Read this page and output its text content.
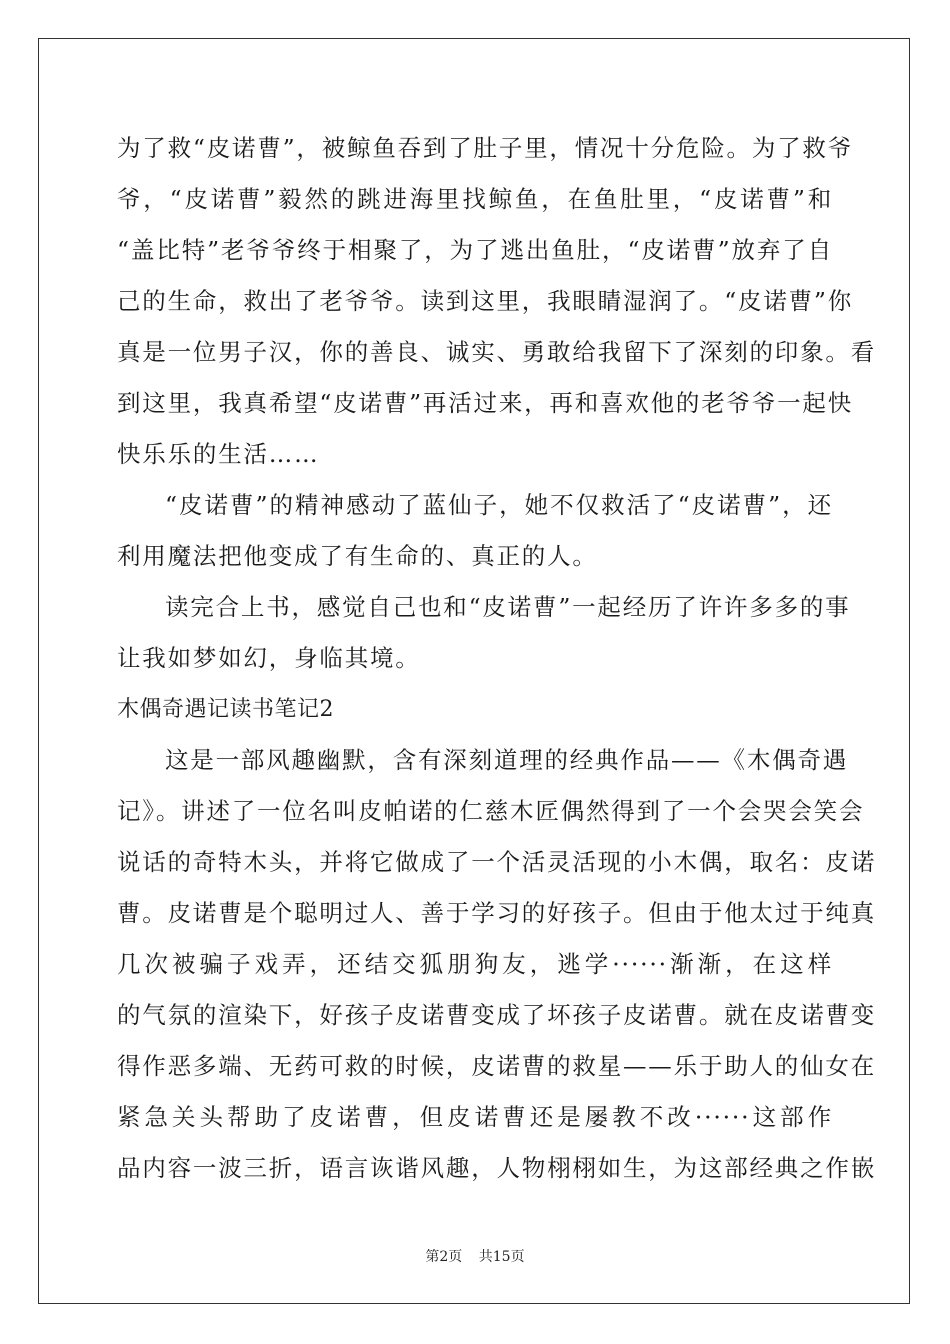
为了救“皮诺曹”，被鲸鱼吞到了肚子里，情况十分危险。为了救爷
爷，“皮诺曹”毅然的跳进海里找鲸鱼，在鱼肚里，“皮诺曹”和
“盖比特”老爷爷终于相聚了，为了逃出鱼肚，“皮诺曹”放弃了自
己的生命，救出了老爷爷。读到这里，我眼睛湿润了。“皮诺曹”你
真是一位男子汉，你的善良、诚实、勇敢给我留下了深刻的印象。看
到这里，我真希望“皮诺曹”再活过来，再和喜欢他的老爷爷一起快
快乐乐的生活……
“皮诺曹”的精神感动了蓝仙子，她不仅救活了“皮诺曹”，还
利用魔法把他变成了有生命的、真正的人。
读完合上书，感觉自己也和“皮诺曹”一起经历了许许多多的事
让我如梦如幻，身临其境。
木偶奇遇记读书笔记2
这是一部风趣幽默，含有深刻道理的经典作品——《木偶奇遇
记》。讲述了一位名叫皮帕诺的仁慈木匠偶然得到了一个会哭会笑会
说话的奇特木头，并将它做成了一个活灵活现的小木偶，取名：皮诺
曹。皮诺曹是个聪明过人、善于学习的好孩子。但由于他太过于纯真
几次被骗子戏弄，还结交狐朋狗友，逃学······渐渐，在这样
的气氛的渲染下，好孩子皮诺曹变成了坏孩子皮诺曹。就在皮诺曹变
得作恶多端、无药可救的时候，皮诺曹的救星——乐于助人的仙女在
紧急关头帮助了皮诺曹，但皮诺曹还是屡教不改······这部作
品内容一波三折，语言诙谐风趣，人物栩栩如生，为这部经典之作嵌
第2页 共15页
